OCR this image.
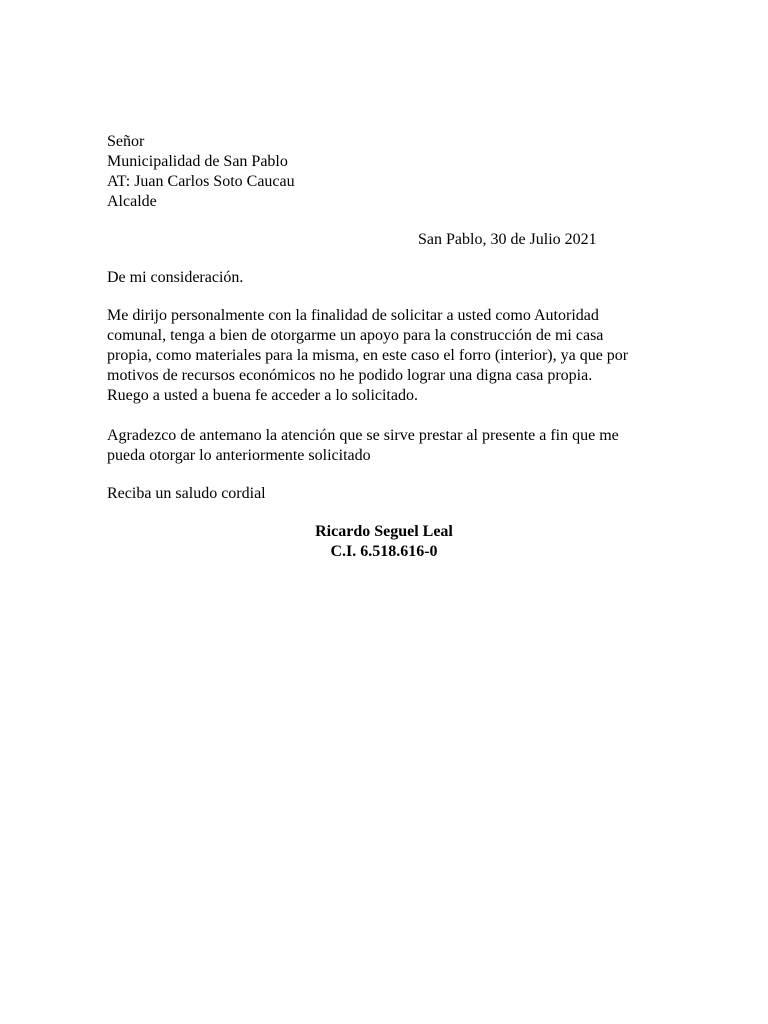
Señor
Municipalidad de San Pablo
AT: Juan Carlos Soto Caucau
Alcalde
San Pablo, 30 de Julio 2021
De mi consideración.
Me dirijo personalmente con la finalidad de solicitar a usted como Autoridad
comunal, tenga a bien de otorgarme un apoyo para la construcción de mi casa
propia, como materiales para la misma, en este caso el forro (interior), ya que por
motivos de recursos económicos no he podido lograr una digna casa propia.
Ruego a usted a buena fe acceder a lo solicitado.
Agradezco de antemano la atención que se sirve prestar al presente a fin que me
pueda otorgar lo anteriormente solicitado
Reciba un saludo cordial
Ricardo Seguel Leal
C.I. 6.518.616-0
